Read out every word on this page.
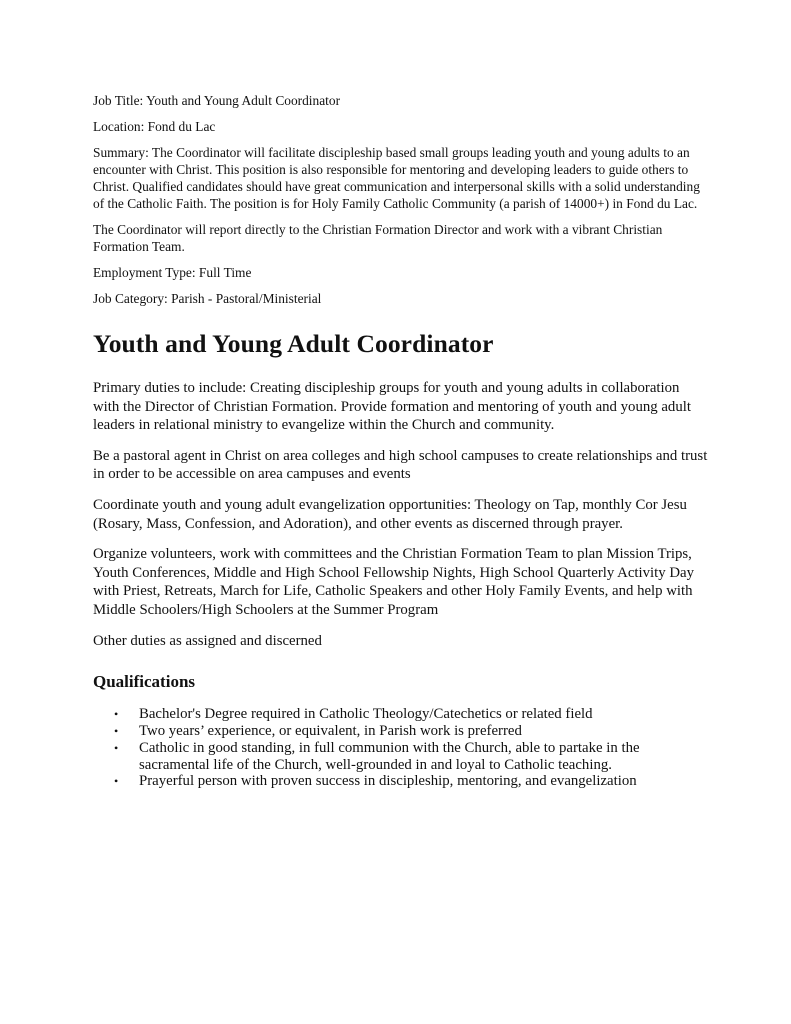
Job Title: Youth and Young Adult Coordinator

Location: Fond du Lac

Summary: The Coordinator will facilitate discipleship based small groups leading youth and young adults to an encounter with Christ. This position is also responsible for mentoring and developing leaders to guide others to Christ. Qualified candidates should have great communication and interpersonal skills with a solid understanding of the Catholic Faith. The position is for Holy Family Catholic Community (a parish of 14000+) in Fond du Lac.

The Coordinator will report directly to the Christian Formation Director and work with a vibrant Christian Formation Team.

Employment Type: Full Time

Job Category: Parish - Pastoral/Ministerial

Youth and Young Adult Coordinator

Primary duties to include: Creating discipleship groups for youth and young adults in collaboration with the Director of Christian Formation. Provide formation and mentoring of youth and young adult leaders in relational ministry to evangelize within the Church and community.

Be a pastoral agent in Christ on area colleges and high school campuses to create relationships and trust in order to be accessible on area campuses and events

Coordinate youth and young adult evangelization opportunities: Theology on Tap, monthly Cor Jesu (Rosary, Mass, Confession, and Adoration), and other events as discerned through prayer.

Organize volunteers, work with committees and the Christian Formation Team to plan Mission Trips, Youth Conferences, Middle and High School Fellowship Nights, High School Quarterly Activity Day with Priest, Retreats, March for Life, Catholic Speakers and other Holy Family Events, and help with Middle Schoolers/High Schoolers at the Summer Program

Other duties as assigned and discerned

Qualifications
• Bachelor's Degree required in Catholic Theology/Catechetics or related field
• Two years’ experience, or equivalent, in Parish work is preferred
• Catholic in good standing, in full communion with the Church, able to partake in the sacramental life of the Church, well-grounded in and loyal to Catholic teaching.
• Prayerful person with proven success in discipleship, mentoring, and evangelization
